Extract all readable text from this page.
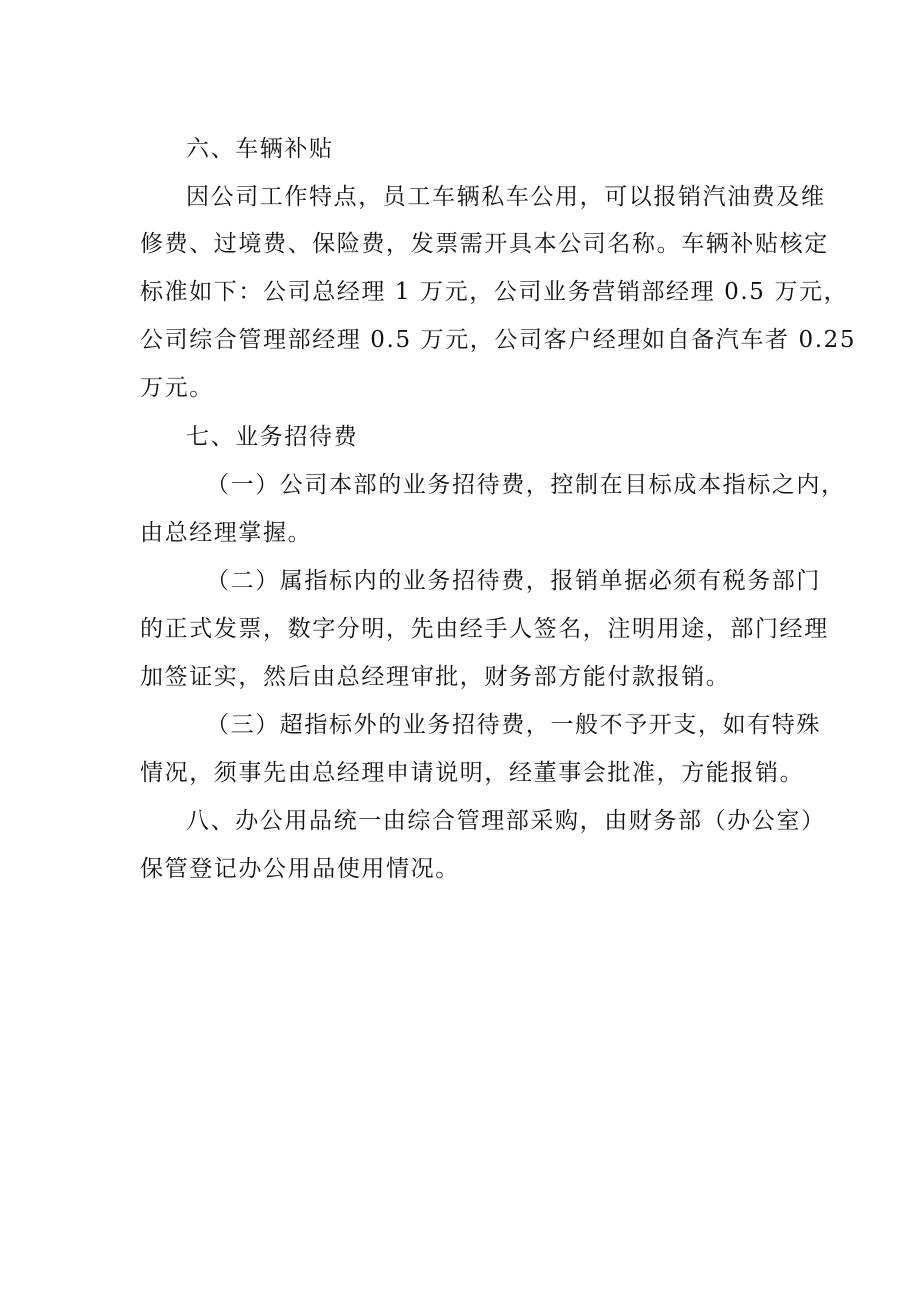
六、车辆补贴
因公司工作特点，员工车辆私车公用，可以报销汽油费及维
修费、过境费、保险费，发票需开具本公司名称。车辆补贴核定
标准如下：公司总经理 1 万元，公司业务营销部经理 0.5 万元，
公司综合管理部经理 0.5 万元，公司客户经理如自备汽车者 0.25
万元。
七、业务招待费
（一）公司本部的业务招待费，控制在目标成本指标之内，
由总经理掌握。
（二）属指标内的业务招待费，报销单据必须有税务部门
的正式发票，数字分明，先由经手人签名，注明用途，部门经理
加签证实，然后由总经理审批，财务部方能付款报销。
（三）超指标外的业务招待费，一般不予开支，如有特殊
情况，须事先由总经理申请说明，经董事会批准，方能报销。
八、办公用品统一由综合管理部采购，由财务部（办公室）
保管登记办公用品使用情况。
